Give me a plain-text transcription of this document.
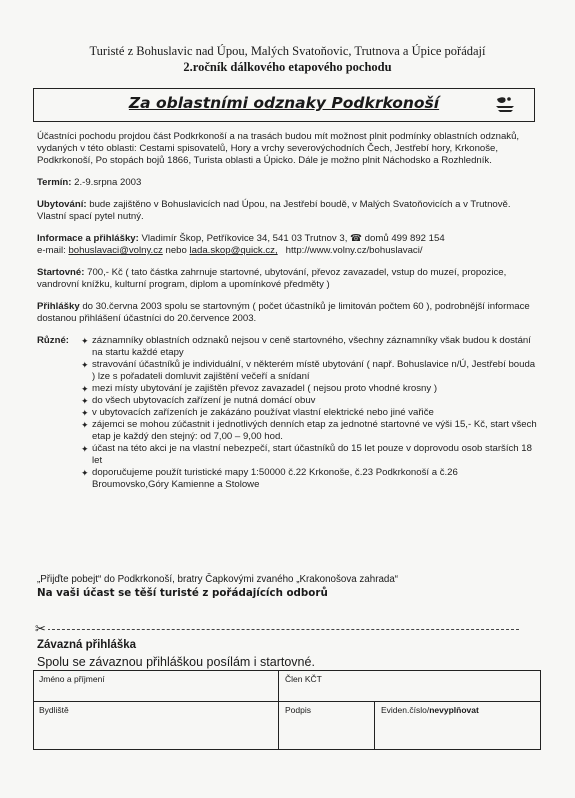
Turisté z Bohuslavic nad Úpou, Malých Svatoňovic, Trutnova a Úpice pořádají
2.ročník dálkového etapového pochodu
Za oblastními odznaky Podkrkonoší
Účastníci pochodu projdou část Podkrkonoší a na trasách budou mít možnost plnit podmínky oblastních odznaků, vydaných v této oblasti: Cestami spisovatelů, Hory a vrchy severovýchodních Čech, Jestřebí hory, Krkonoše, Podkrkonoší, Po stopách bojů 1866, Turista oblasti a Úpicko. Dále je možno plnit Náchodsko a Rozhledník.
Termín: 2.-9.srpna 2003
Ubytování: bude zajištěno v Bohuslavicích nad Úpou, na Jestřebí boudě, v Malých Svatoňovicích a v Trutnově. Vlastní spací pytel nutný.
Informace a přihlášky: Vladimír Škop, Petříkovice 34, 541 03 Trutnov 3, ☎ domů 499 892 154
e-mail: bohuslavaci@volny.cz nebo lada.skop@quick.cz, http://www.volny.cz/bohuslavaci/
Startovné: 700,- Kč ( tato částka zahrnuje startovné, ubytování, převoz zavazadel, vstup do muzeí, propozice, vandrovní knížku, kulturní program, diplom a upomínkové předměty )
Přihlášky do 30.června 2003 spolu se startovným ( počet účastníků je limitován počtem 60 ), podrobnější informace dostanou přihlášení účastníci do 20.července 2003.
Různé:	✦ záznamníky oblastních odznaků nejsou v ceně startovného, všechny záznamníky však budou k dostání na startu každé etapy
✦ stravování účastníků je individuální, v některém místě ubytování ( např. Bohuslavice n/Ú, Jestřebí bouda ) lze s pořadateli domluvit zajištění večeří a snídaní
✦ mezi místy ubytování je zajištěn převoz zavazadel ( nejsou proto vhodné krosny )
✦ do všech ubytovacích zařízení je nutná domácí obuv
✦ v ubytovacích zařízeních je zakázáno používat vlastní elektrické nebo jiné vařiče
✦ zájemci se mohou zúčastnit i jednotlivých denních etap za jednotné startovné ve výši 15,- Kč, start všech etap je každý den stejný: od 7,00 – 9,00 hod.
✦ účast na této akci je na vlastní nebezpečí, start účastníků do 15 let pouze v doprovodu osob starších 18 let
✦ doporučujeme použít turistické mapy 1:50000 č.22 Krkonoše, č.23 Podkrkonoší a č.26 Broumovsko,Góry Kamienne a Stolowe
„Přijďte pobejt“ do Podkrkonoší, bratry Čapkovými zvaného „Krakonošova zahrada“
Na vaši účast se těší turisté z pořádajících odborů
✂
Závazná přihláška
Spolu se závaznou přihláškou posílám i startovné.
Jméno a příjmení	Člen KČT
Bydliště	Podpis	Eviden.číslo/nevyplňovat
